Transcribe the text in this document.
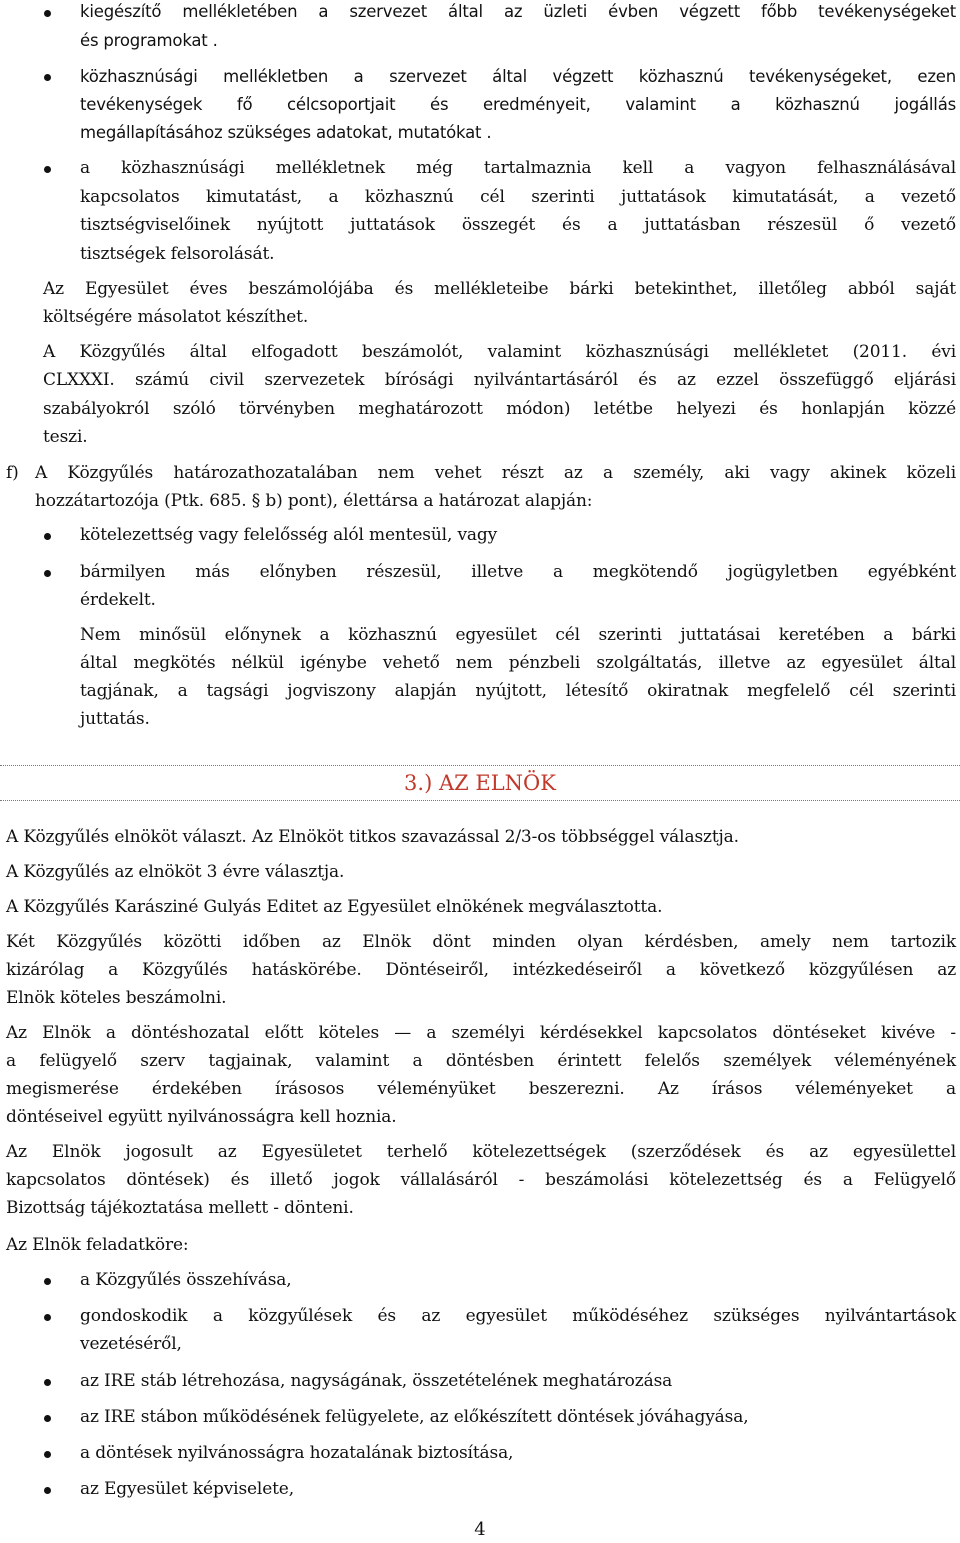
kiegészítő mellékletében a szervezet által az üzleti évben végzett főbb tevékenységeket
és programokat .
közhasznúsági mellékletben a szervezet által végzett közhasznú tevékenységeket, ezen
tevékenységek fő célcsoportjait és eredményeit, valamint a közhasznú jogállás
megállapításához szükséges adatokat, mutatókat .
a közhasznúsági mellékletnek még tartalmaznia kell a vagyon felhasználásával
kapcsolatos kimutatást, a közhasznú cél szerinti juttatások kimutatását, a vezető
tisztségviselőinek nyújtott juttatások összegét és a juttatásban részesül ő vezető
tisztségek felsorolását.
Az Egyesület éves beszámolójába és mellékleteibe bárki betekinthet, illetőleg abból saját
költségére másolatot készíthet.
A Közgyűlés által elfogadott beszámolót, valamint közhasznúsági mellékletet (2011. évi
CLXXXI. számú civil szervezetek bírósági nyilvántartásáról és az ezzel összefüggő eljárási
szabályokról szóló törvényben meghatározott módon) letétbe helyezi és honlapján közzé
teszi.
f) A Közgyűlés határozathozatalában nem vehet részt az a személy, aki vagy akinek közeli
hozzátartozója (Ptk. 685. § b) pont), élettársa a határozat alapján:
kötelezettség vagy felelősség alól mentesül, vagy
bármilyen más előnyben részesül, illetve a megkötendő jogügyletben egyébként
érdekelt.
Nem minősül előnynek a közhasznú egyesület cél szerinti juttatásai keretében a bárki
által megkötés nélkül igénybe vehető nem pénzbeli szolgáltatás, illetve az egyesület által
tagjának, a tagsági jogviszony alapján nyújtott, létesítő okiratnak megfelelő cél szerinti
juttatás.
3.) AZ ELNÖK
A Közgyűlés elnököt választ. Az Elnököt titkos szavazással 2/3-os többséggel választja.
A Közgyűlés az elnököt 3 évre választja.
A Közgyűlés Karásziné Gulyás Editet az Egyesület elnökének megválasztotta.
Két Közgyűlés közötti időben az Elnök dönt minden olyan kérdésben, amely nem tartozik
kizárólag a Közgyűlés hatáskörébe. Döntéseiről, intézkedéseiről a következő közgyűlésen az
Elnök köteles beszámolni.
Az Elnök a döntéshozatal előtt köteles — a személyi kérdésekkel kapcsolatos döntéseket kivéve -
a felügyelő szerv tagjainak, valamint a döntésben érintett felelős személyek véleményének
megismerése érdekében írásosos véleményüket beszerezni. Az írásos véleményeket a
döntéseivel együtt nyilvánosságra kell hoznia.
Az Elnök jogosult az Egyesületet terhelő kötelezettségek (szerződések és az egyesülettel
kapcsolatos döntések) és illető jogok vállalásáról - beszámolási kötelezettség és a Felügyelő
Bizottság tájékoztatása mellett - dönteni.
Az Elnök feladatköre:
a Közgyűlés összehívása,
gondoskodik a közgyűlések és az egyesület működéséhez szükséges nyilvántartások
vezetéséről,
az IRE stáb létrehozása, nagyságának, összetételének meghatározása
az IRE stábon működésének felügyelete, az előkészített döntések jóváhagyása,
a döntések nyilvánosságra hozatalának biztosítása,
az Egyesület képviselete,
4
